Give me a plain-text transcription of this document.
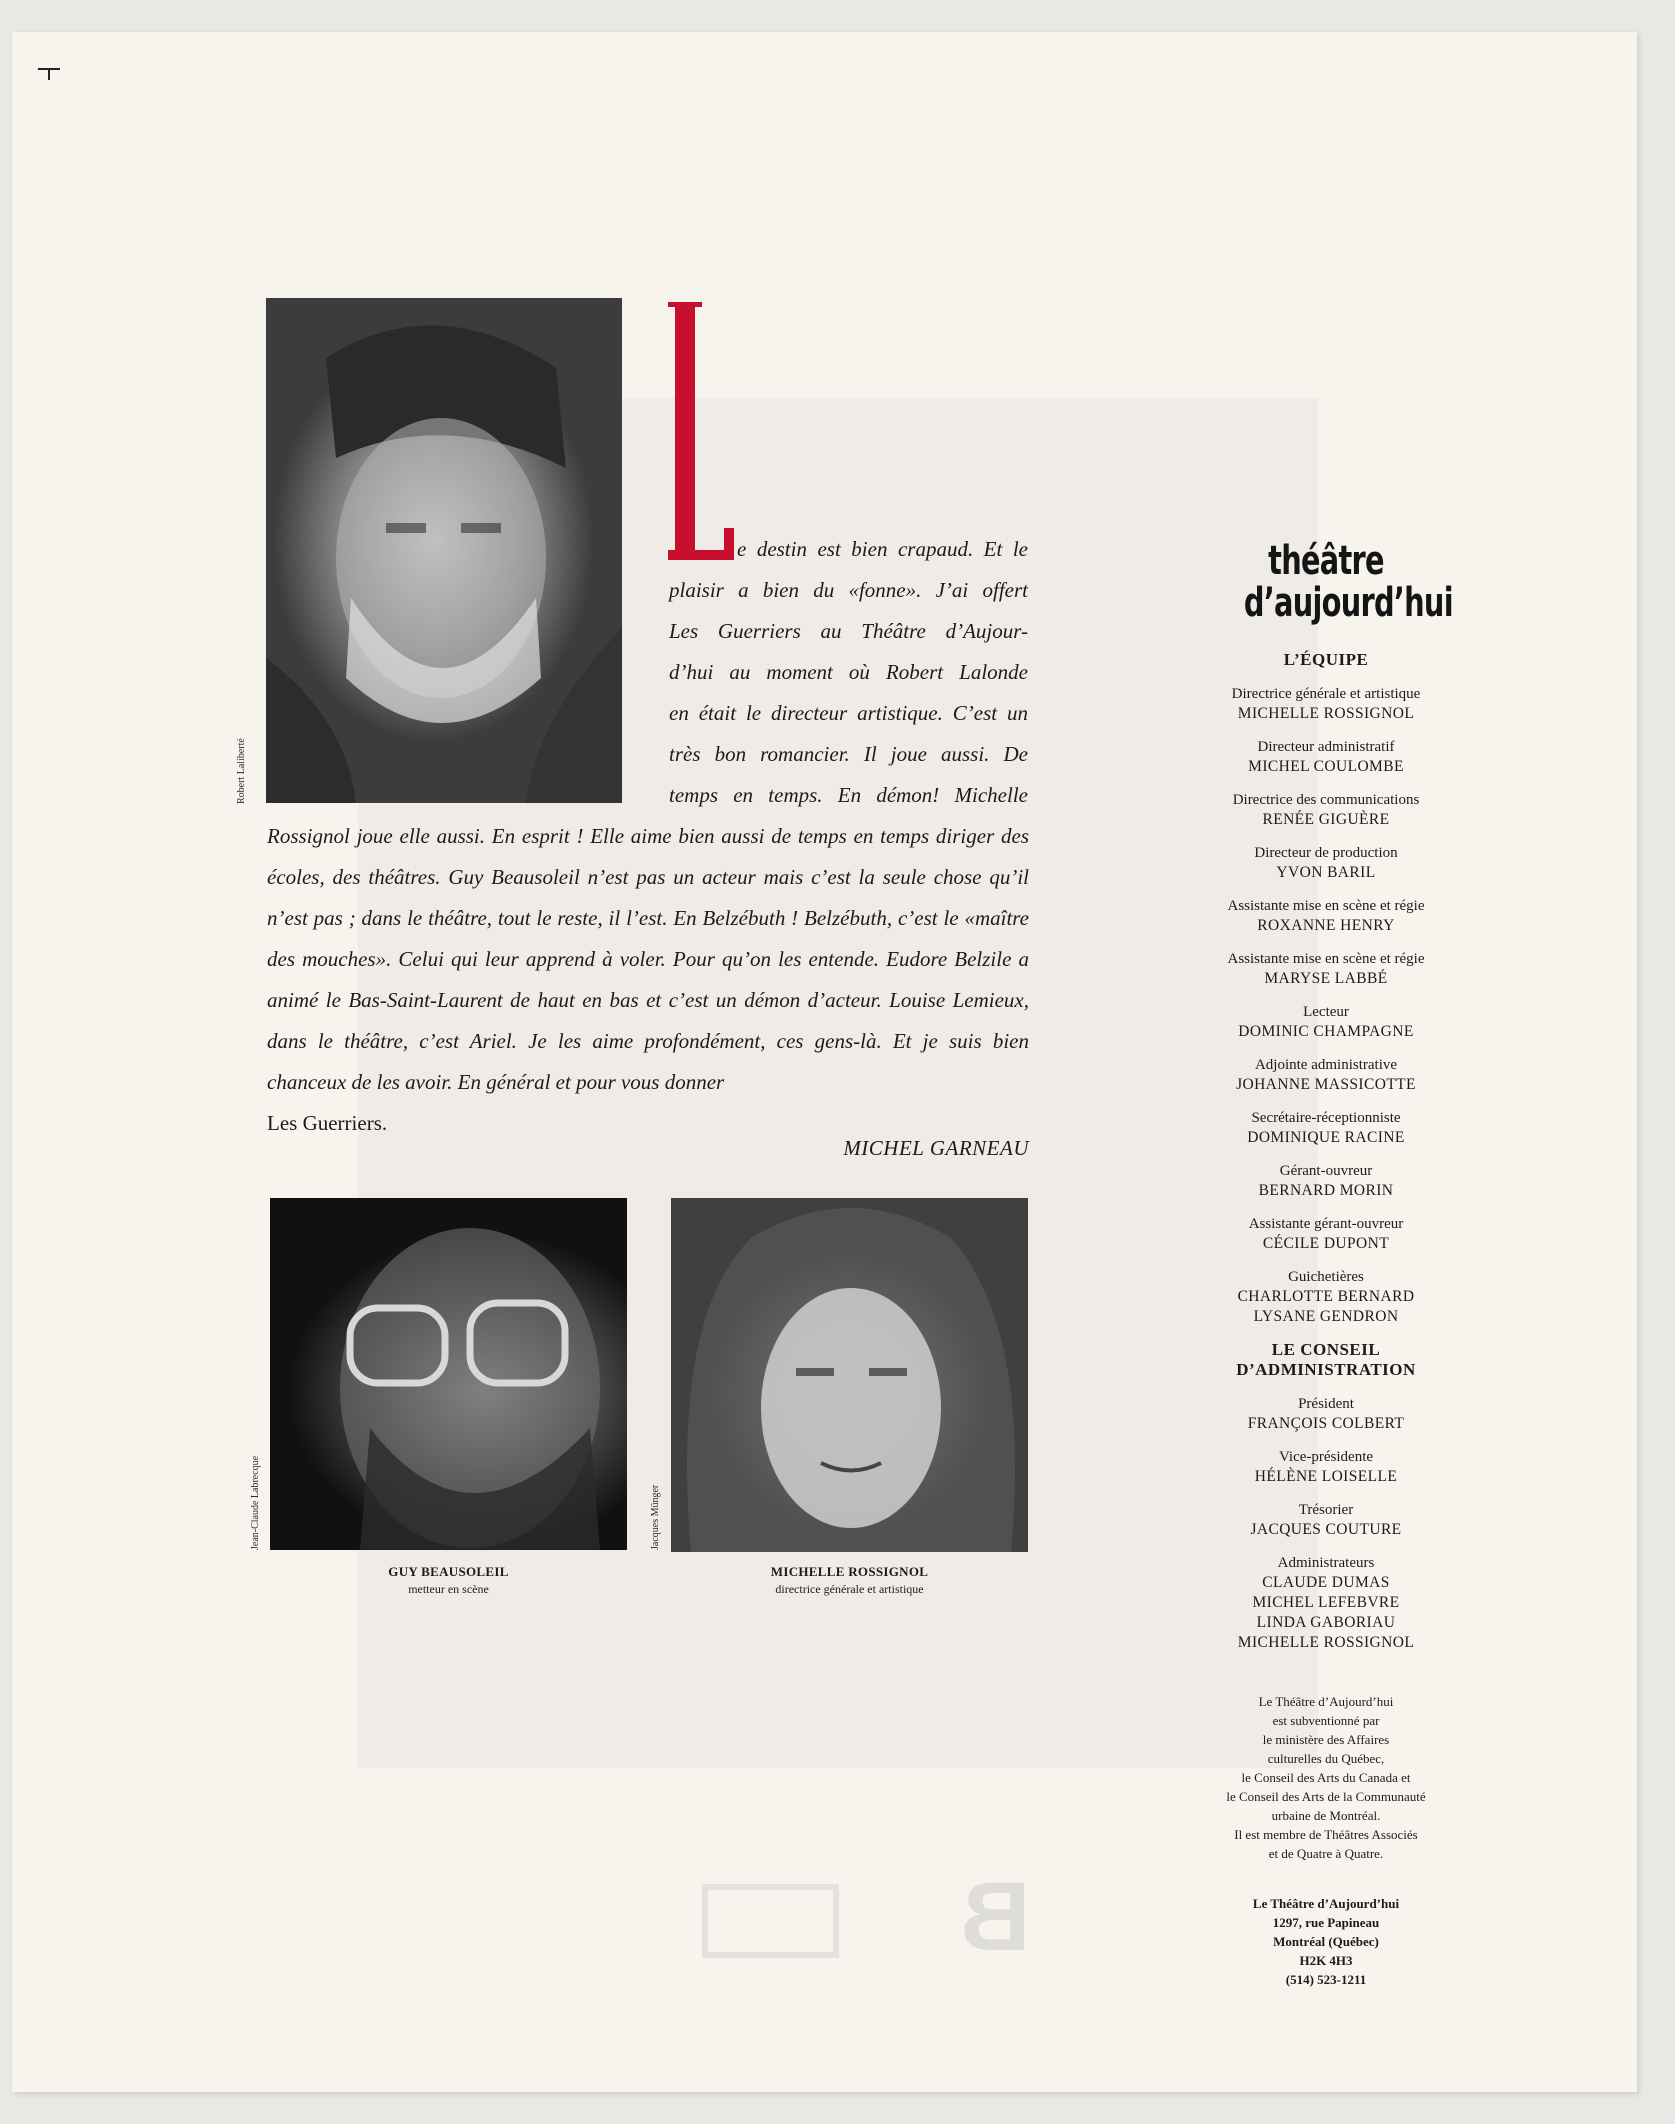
B
Robert Laliberté

e destin est bien crapaud. Et le

plaisir a bien du «fonne». J’ai offert

Les Guerriers au Théâtre d’Aujour-

d’hui au moment où Robert Lalonde

en était le directeur artistique. C’est un

très bon romancier. Il joue aussi. De

temps en temps. En démon! Michelle

Rossignol joue elle aussi. En esprit ! Elle aime bien aussi de temps en temps diriger des écoles, des théâtres. Guy Beausoleil n’est pas un acteur mais c’est la seule chose qu’il n’est pas ; dans le théâtre, tout le reste, il l’est. En Belzébuth ! Belzébuth, c’est le «maître des mouches». Celui qui leur apprend à voler. Pour qu’on les entende. Eudore Belzile a animé le Bas-Saint-Laurent de haut en bas et c’est un démon d’acteur. Louise Lemieux, dans le théâtre, c’est Ariel. Je les aime profondément, ces gens-là. Et je suis bien chanceux de les avoir. En général et pour vous donner

Les Guerriers.

MICHEL GARNEAU
Jean-Claude Labrecque	Jacques Münger
GUY BEAUSOLEIL
metteur en scène
MICHELLE ROSSIGNOL
directrice générale et artistique
théâtre
d’aujourd’hui
L’ÉQUIPE
Directrice générale et artistique
MICHELLE ROSSIGNOL
Directeur administratif
MICHEL COULOMBE
Directrice des communications
RENÉE GIGUÈRE
Directeur de production
YVON BARIL
Assistante mise en scène et régie
ROXANNE HENRY
Assistante mise en scène et régie
MARYSE LABBÉ
Lecteur
DOMINIC CHAMPAGNE
Adjointe administrative
JOHANNE MASSICOTTE
Secrétaire-réceptionniste
DOMINIQUE RACINE
Gérant-ouvreur
BERNARD MORIN
Assistante gérant-ouvreur
CÉCILE DUPONT
Guichetières
CHARLOTTE BERNARD
LYSANE GENDRON
LE CONSEIL
D’ADMINISTRATION
Président
FRANÇOIS COLBERT
Vice-présidente
HÉLÈNE LOISELLE
Trésorier
JACQUES COUTURE
Administrateurs
CLAUDE DUMAS
MICHEL LEFEBVRE
LINDA GABORIAU
MICHELLE ROSSIGNOL
Le Théâtre d’Aujourd’hui
est subventionné par
le ministère des Affaires
culturelles du Québec,
le Conseil des Arts du Canada et
le Conseil des Arts de la Communauté
urbaine de Montréal.
Il est membre de Théâtres Associés
et de Quatre à Quatre.
Le Théâtre d’Aujourd’hui
1297, rue Papineau
Montréal (Québec)
H2K 4H3
(514) 523-1211
